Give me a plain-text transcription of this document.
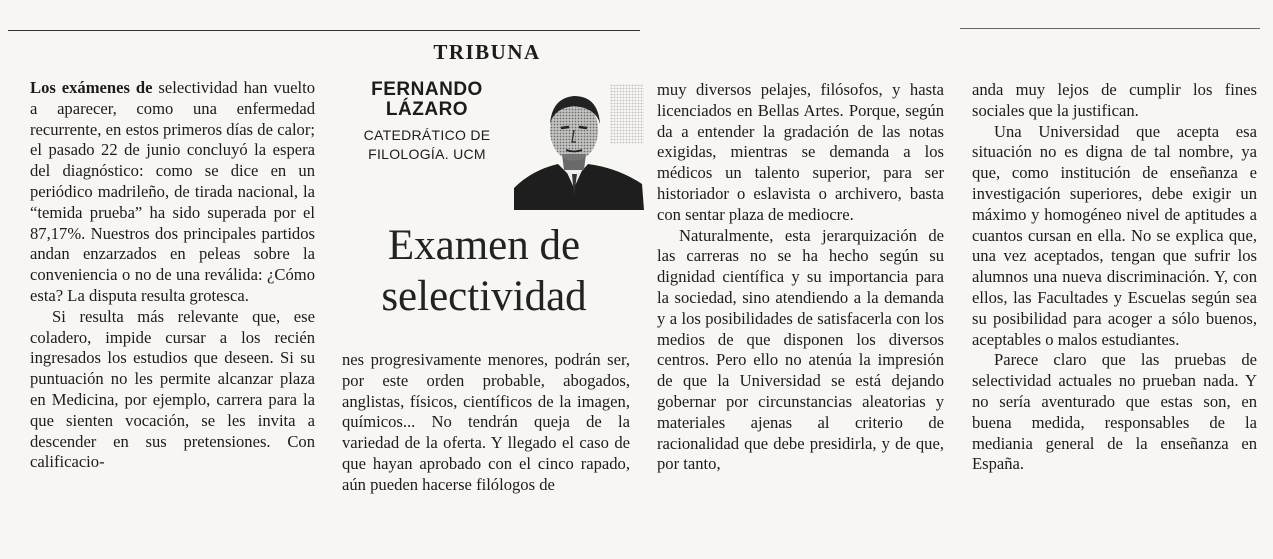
TRIBUNA

Los exámenes de selectividad han vuelto a aparecer, como una enfermedad recurrente, en estos primeros días de calor; el pasado 22 de junio concluyó la espera del diagnóstico: como se dice en un periódico madrileño, de tirada nacional, la “temida prueba” ha sido superada por el 87,17%. Nuestros dos principales partidos andan enzarzados en peleas sobre la conveniencia o no de una reválida: ¿Cómo esta? La disputa resulta grotesca.

Si resulta más relevante que, ese coladero, impide cursar a los recién ingresados los estudios que deseen. Si su puntuación no les permite alcanzar plaza en Medicina, por ejemplo, carrera para la que sienten vocación, se les invita a descender en sus pretensiones. Con calificacio-

FERNANDO
LÁZARO
CATEDRÁTICO DE
FILOLOGÍA. UCM
Examen de
selectividad

nes progresivamente menores, podrán ser, por este orden probable, abogados, anglistas, físicos, científicos de la imagen, químicos... No tendrán queja de la variedad de la oferta. Y llegado el caso de que hayan aprobado con el cinco rapado, aún pueden hacerse filólogos de

muy diversos pelajes, filósofos, y hasta licenciados en Bellas Artes. Porque, según da a entender la gradación de las notas exigidas, mientras se demanda a los médicos un talento superior, para ser historiador o eslavista o archivero, basta con sentar plaza de mediocre.

Naturalmente, esta jerarquización de las carreras no se ha hecho según su dignidad científica y su importancia para la sociedad, sino atendiendo a la demanda y a los posibilidades de satisfacerla con los medios de que disponen los diversos centros. Pero ello no atenúa la impresión de que la Universidad se está dejando gobernar por circunstancias aleatorias y materiales ajenas al criterio de racionalidad que debe presidirla, y de que, por tanto,

anda muy lejos de cumplir los fines sociales que la justifican.

Una Universidad que acepta esa situación no es digna de tal nombre, ya que, como institución de enseñanza e investigación superiores, debe exigir un máximo y homogéneo nivel de aptitudes a cuantos cursan en ella. No se explica que, una vez aceptados, tengan que sufrir los alumnos una nueva discriminación. Y, con ellos, las Facultades y Escuelas según sea su posibilidad para acoger a sólo buenos, aceptables o malos estudiantes.

Parece claro que las pruebas de selectividad actuales no prueban nada. Y no sería aventurado que estas son, en buena medida, responsables de la mediania general de la enseñanza en España.
